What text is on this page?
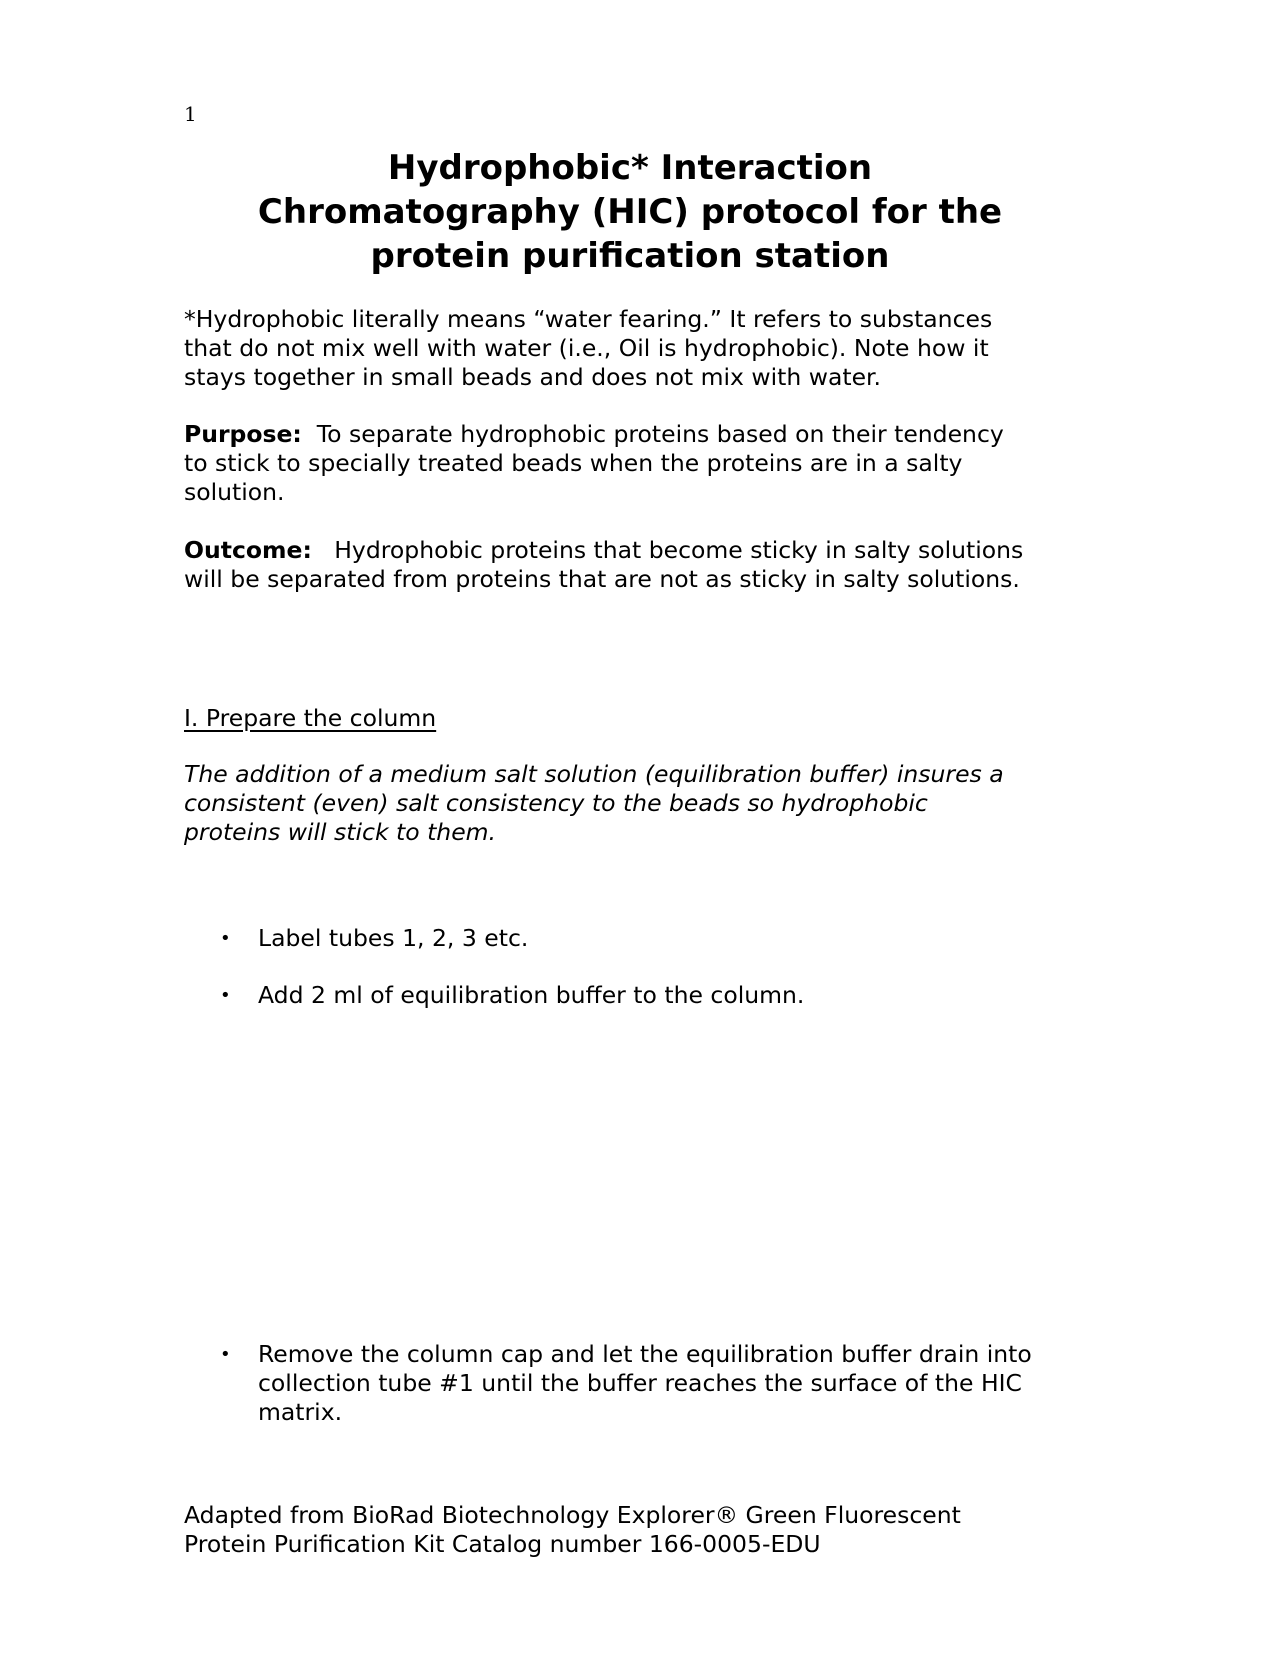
1
Hydrophobic* Interaction
Chromatography (HIC) protocol for the
protein purification station

*Hydrophobic literally means “water fearing.” It refers to substances
that do not mix well with water (i.e., Oil is hydrophobic). Note how it
stays together in small beads and does not mix with water.

Purpose:  To separate hydrophobic proteins based on their tendency
to stick to specially treated beads when the proteins are in a salty
solution.

Outcome:   Hydrophobic proteins that become sticky in salty solutions
will be separated from proteins that are not as sticky in salty solutions.

I. Prepare the column

The addition of a medium salt solution (equilibration buffer) insures a
consistent (even) salt consistency to the beads so hydrophobic
proteins will stick to them.

• Label tubes 1, 2, 3 etc.
• Add 2 ml of equilibration buffer to the column.
• Remove the column cap and let the equilibration buffer drain into
collection tube #1 until the buffer reaches the surface of the HIC
matrix.

Adapted from BioRad Biotechnology Explorer® Green Fluorescent
Protein Purification Kit Catalog number 166-0005-EDU
